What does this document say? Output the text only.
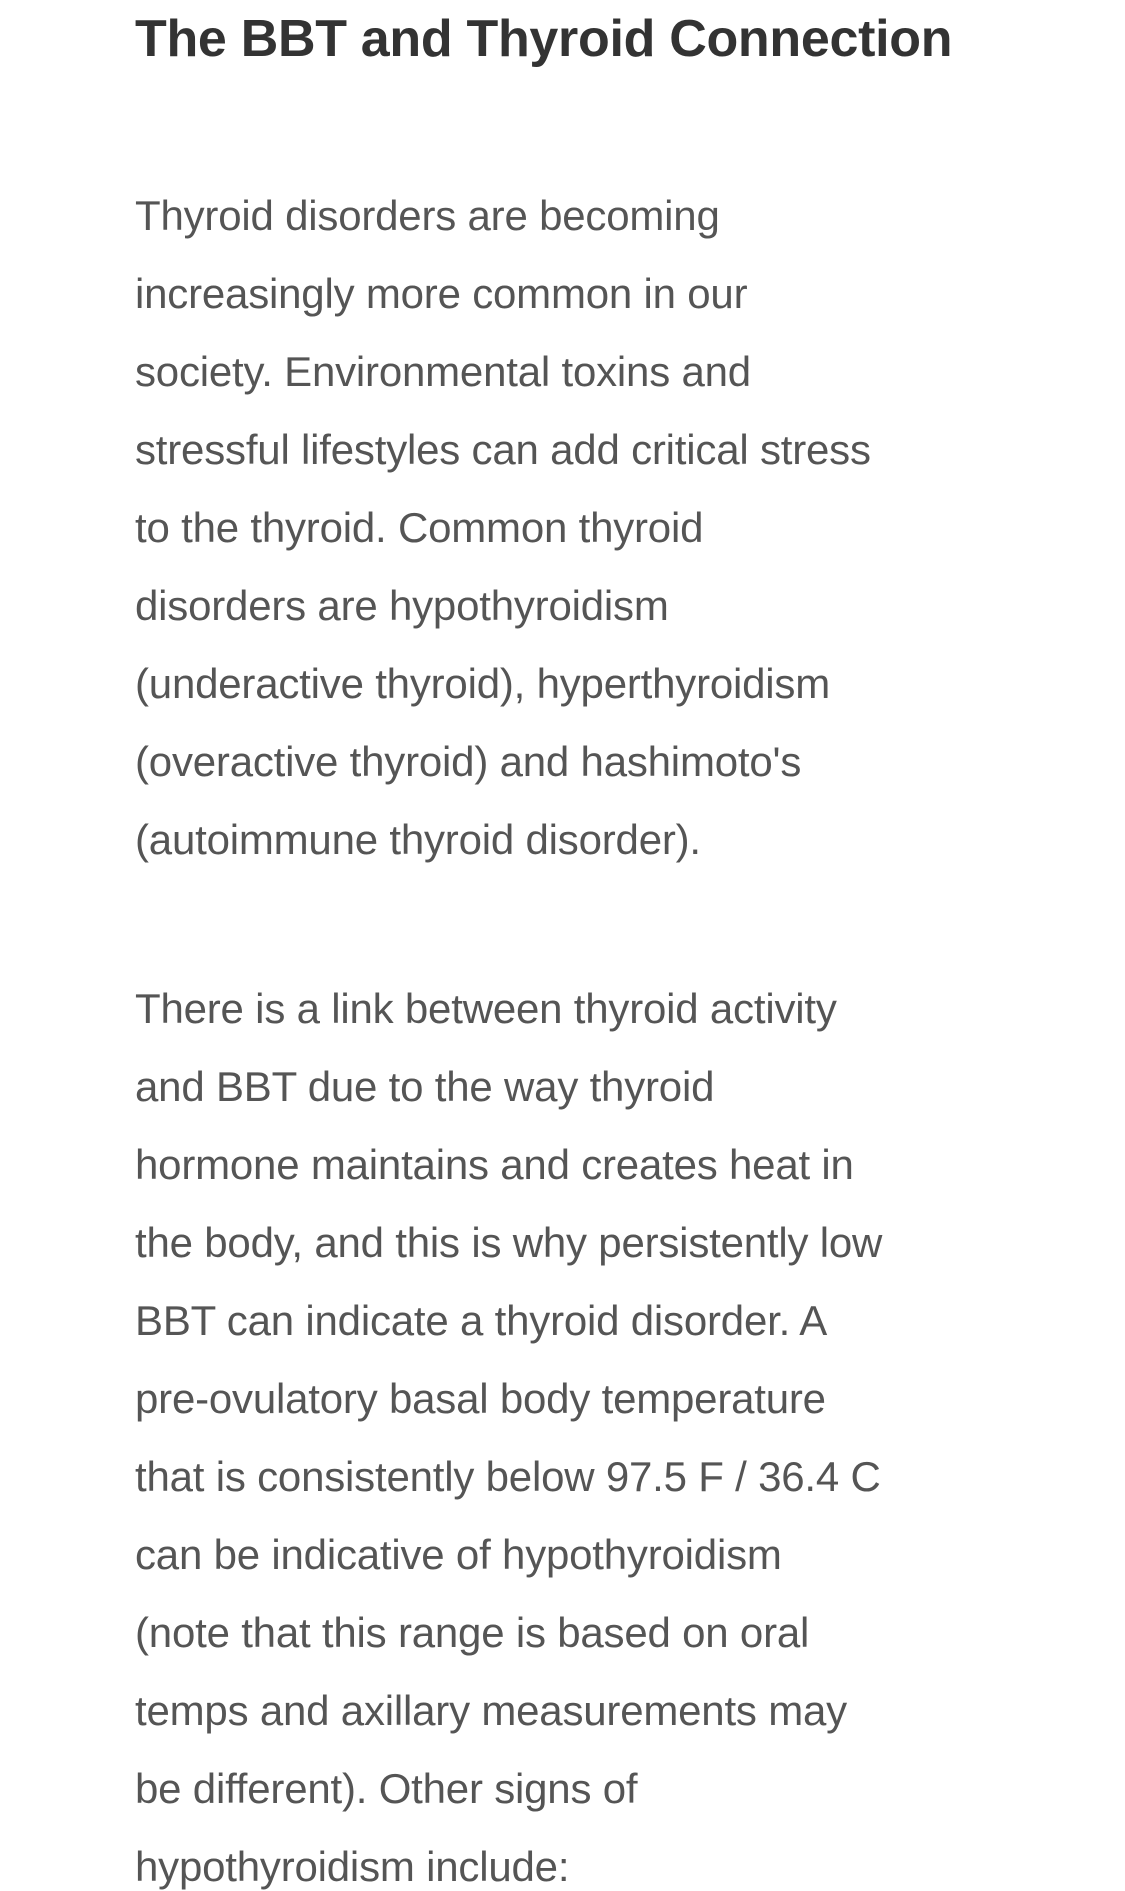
The BBT and Thyroid Connection

Thyroid disorders are becoming
increasingly more common in our
society. Environmental toxins and
stressful lifestyles can add critical stress
to the thyroid. Common thyroid
disorders are hypothyroidism
(underactive thyroid), hyperthyroidism
(overactive thyroid) and hashimoto's
(autoimmune thyroid disorder).

There is a link between thyroid activity
and BBT due to the way thyroid
hormone maintains and creates heat in
the body, and this is why persistently low
BBT can indicate a thyroid disorder. A
pre-ovulatory basal body temperature
that is consistently below 97.5 F / 36.4 C
can be indicative of hypothyroidism
(note that this range is based on oral
temps and axillary measurements may
be different). Other signs of
hypothyroidism include:
